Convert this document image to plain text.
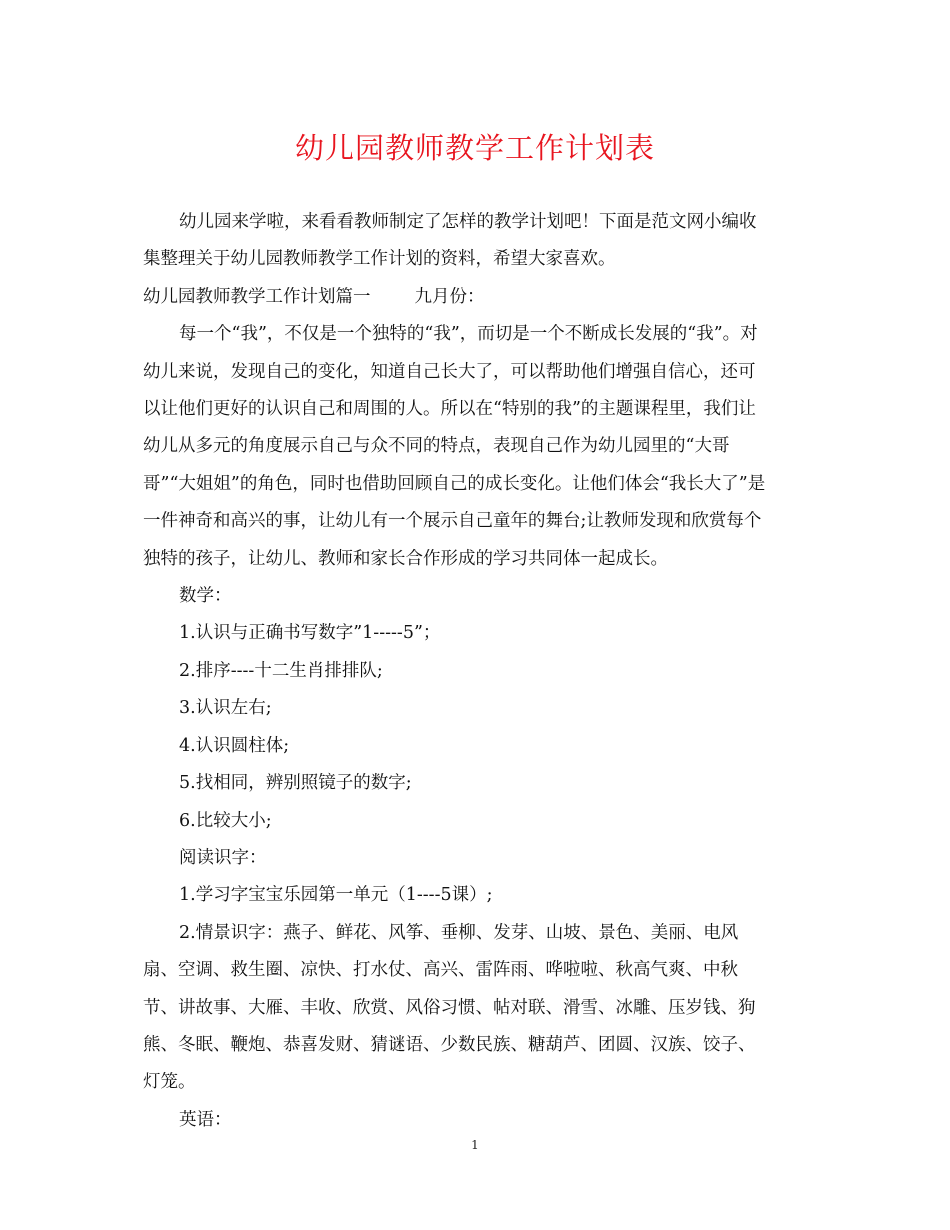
幼儿园教师教学工作计划表

幼儿园来学啦，来看看教师制定了怎样的教学计划吧！下面是范文网小编收

集整理关于幼儿园教师教学工作计划的资料，希望大家喜欢。

幼儿园教师教学工作计划篇一	九月份：

每一个“我”，不仅是一个独特的“我”，而切是一个不断成长发展的“我”。对

幼儿来说，发现自己的变化，知道自己长大了，可以帮助他们增强自信心，还可

以让他们更好的认识自己和周围的人。所以在“特别的我”的主题课程里，我们让

幼儿从多元的角度展示自己与众不同的特点，表现自己作为幼儿园里的“大哥

哥”“大姐姐”的角色，同时也借助回顾自己的成长变化。让他们体会“我长大了”是

一件神奇和高兴的事，让幼儿有一个展示自己童年的舞台;让教师发现和欣赏每个

独特的孩子，让幼儿、教师和家长合作形成的学习共同体一起成长。

数学：

1.认识与正确书写数字”1-----5”；

2.排序----十二生肖排排队;

3.认识左右;

4.认识圆柱体;

5.找相同，辨别照镜子的数字;

6.比较大小;

阅读识字：

1.学习字宝宝乐园第一单元（1----5课）;

2.情景识字：燕子、鲜花、风筝、垂柳、发芽、山坡、景色、美丽、电风

扇、空调、救生圈、凉快、打水仗、高兴、雷阵雨、哗啦啦、秋高气爽、中秋

节、讲故事、大雁、丰收、欣赏、风俗习惯、帖对联、滑雪、冰雕、压岁钱、狗

熊、冬眠、鞭炮、恭喜发财、猜谜语、少数民族、糖葫芦、团圆、汉族、饺子、

灯笼。

英语：

1
